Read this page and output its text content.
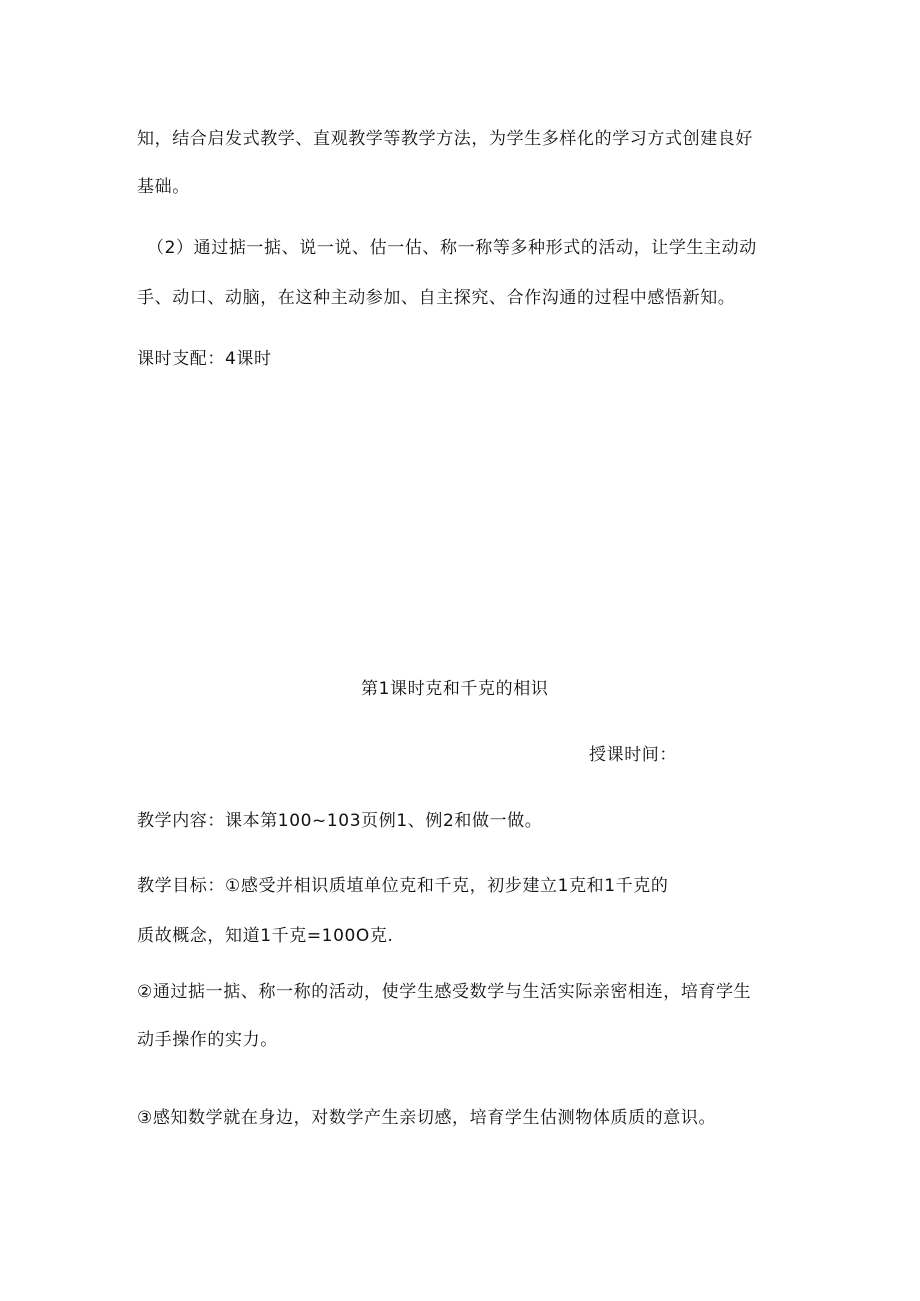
知，结合启发式教学、直观教学等教学方法，为学生多样化的学习方式创建良好
基础。
（2）通过掂一掂、说一说、估一估、称一称等多种形式的活动，让学生主动动
手、动口、动脑，在这种主动参加、自主探究、合作沟通的过程中感悟新知。
课时支配：4课时
第1课时克和千克的相识
授课时间：
教学内容：课本第100~103页例1、例2和做一做。
教学目标：①感受并相识质埴单位克和千克，初步建立1克和1千克的
质故概念，知道1千克=100O克.
②通过掂一掂、称一称的活动，使学生感受数学与生活实际亲密相连，培育学生
动手操作的实力。
③感知数学就在身边，对数学产生亲切感，培育学生估测物体质质的意识。
